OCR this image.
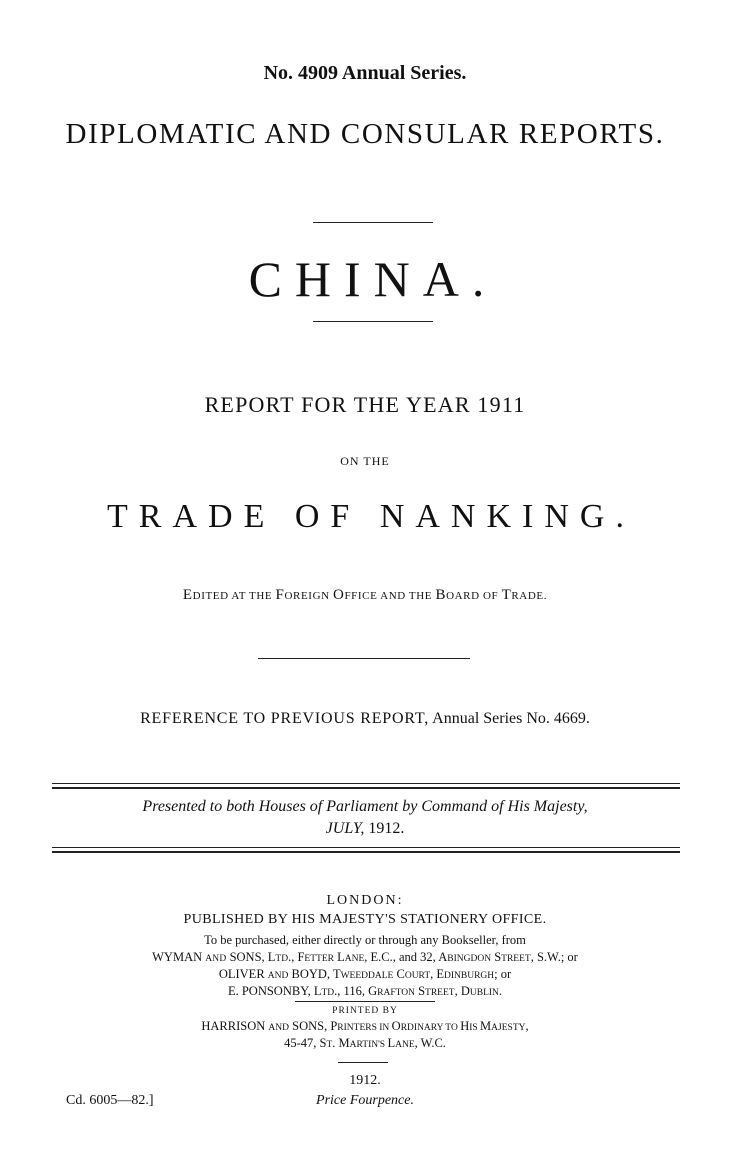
No. 4909 Annual Series.
DIPLOMATIC AND CONSULAR REPORTS.
CHINA.
REPORT FOR THE YEAR 1911
ON THE
TRADE OF NANKING.
EDITED AT THE FOREIGN OFFICE AND THE BOARD OF TRADE.
REFERENCE TO PREVIOUS REPORT, Annual Series No. 4669.
Presented to both Houses of Parliament by Command of His Majesty,
JULY, 1912.
LONDON:
PUBLISHED BY HIS MAJESTY'S STATIONERY OFFICE.
To be purchased, either directly or through any Bookseller, from
WYMAN AND SONS, LTD., FETTER LANE, E.C., and 32, ABINGDON STREET, S.W.; or
OLIVER AND BOYD, TWEEDDALE COURT, EDINBURGH; or
E. PONSONBY, LTD., 116, GRAFTON STREET, DUBLIN.
PRINTED BY
HARRISON AND SONS, PRINTERS IN ORDINARY TO HIS MAJESTY,
45-47, ST. MARTIN'S LANE, W.C.
1912.
Cd. 6005—82.]	Price Fourpence.
